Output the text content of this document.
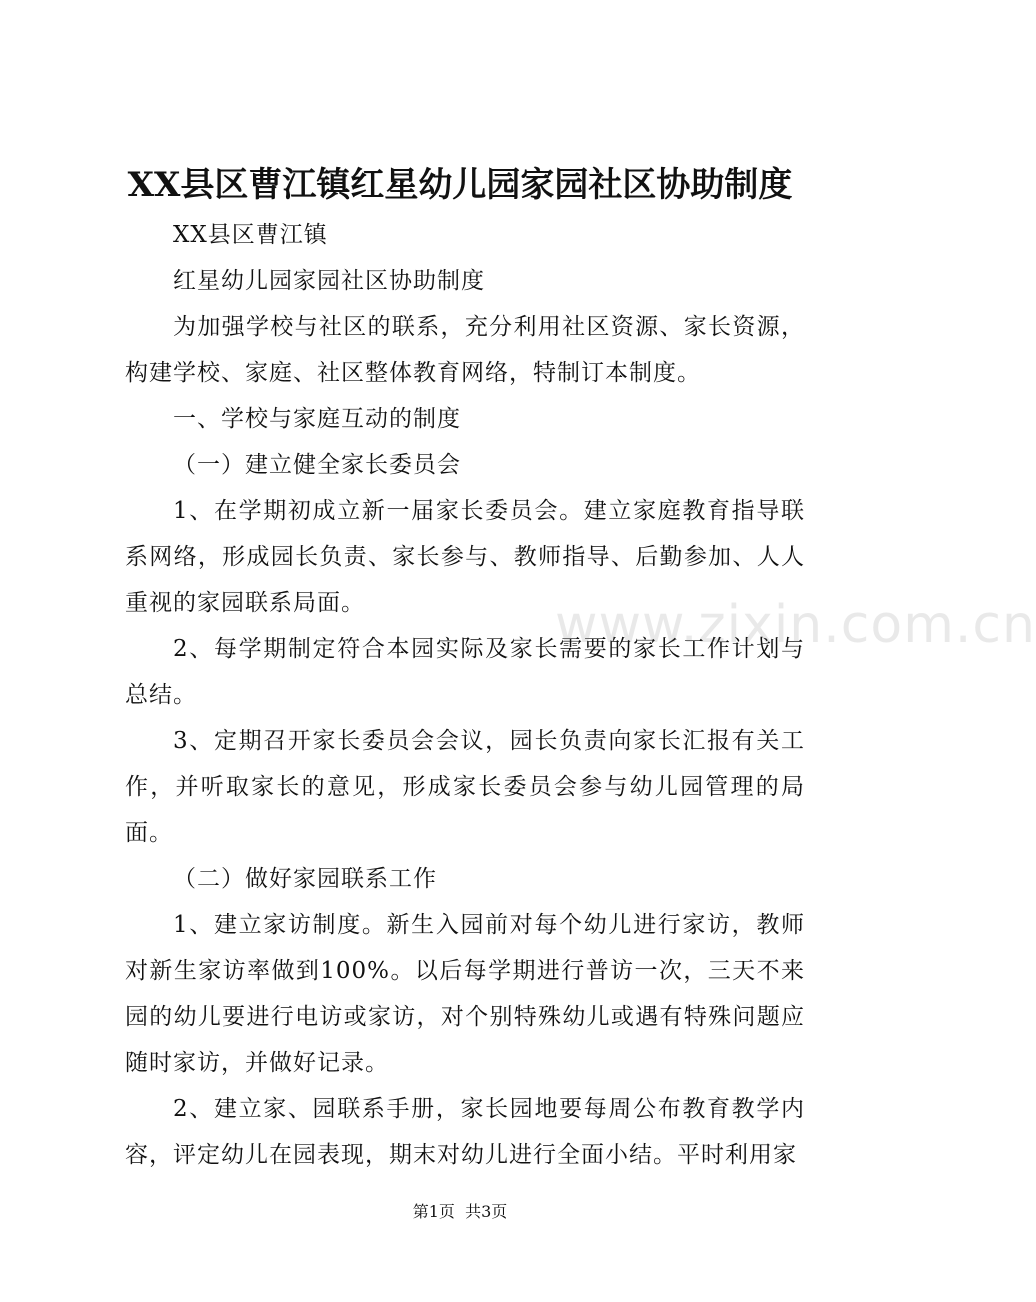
XX县区曹江镇红星幼儿园家园社区协助制度

XX县区曹江镇

红星幼儿园家园社区协助制度

为加强学校与社区的联系，充分利用社区资源、家长资源，构建学校、家庭、社区整体教育网络，特制订本制度。

一、学校与家庭互动的制度

（一）建立健全家长委员会

1、在学期初成立新一届家长委员会。建立家庭教育指导联系网络，形成园长负责、家长参与、教师指导、后勤参加、人人重视的家园联系局面。

2、每学期制定符合本园实际及家长需要的家长工作计划与总结。

3、定期召开家长委员会会议，园长负责向家长汇报有关工作，并听取家长的意见，形成家长委员会参与幼儿园管理的局面。

（二）做好家园联系工作

1、建立家访制度。新生入园前对每个幼儿进行家访，教师对新生家访率做到100%。以后每学期进行普访一次，三天不来园的幼儿要进行电访或家访，对个别特殊幼儿或遇有特殊问题应随时家访，并做好记录。

2、建立家、园联系手册，家长园地要每周公布教育教学内容，评定幼儿在园表现，期末对幼儿进行全面小结。平时利用家

www.zixin.com.cn
第1页  共3页
